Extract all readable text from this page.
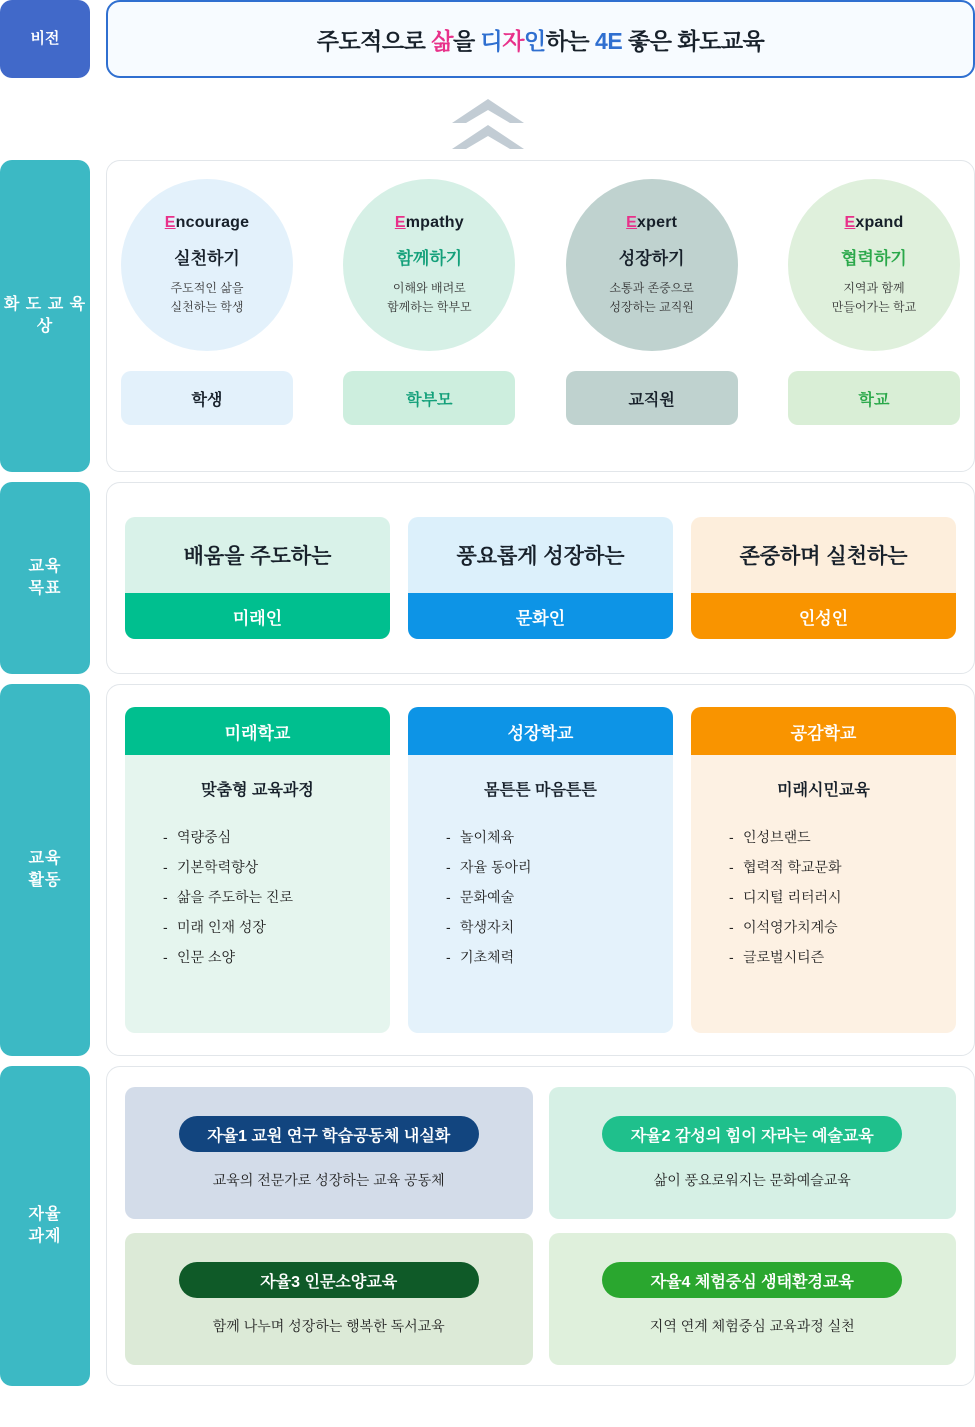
비전	주도적으로 삶을 디자인하는 4E 좋은 화도교육
화 도 교 육 상
Encourage
실천하기
주도적인 삶을
실천하는 학생
학생
Empathy
함께하기
이해와 배려로
함께하는 학부모
학부모
Expert
성장하기
소통과 존중으로
성장하는 교직원
교직원
Expand
협력하기
지역과 함께
만들어가는 학교
학교
교육
목표
배움을 주도하는
미래인
풍요롭게 성장하는
문화인
존중하며 실천하는
인성인
교육
활동
미래학교
맞춤형 교육과정
- 역량중심
- 기본학력향상
- 삶을 주도하는 진로
- 미래 인재 성장
- 인문 소양
성장학교
몸튼튼 마음튼튼
- 놀이체육
- 자율 동아리
- 문화예술
- 학생자치
- 기초체력
공감학교
미래시민교육
- 인성브랜드
- 협력적 학교문화
- 디지털 리터러시
- 이석영가치계승
- 글로벌시티즌
자율
과제
자율1 교원 연구 학습공동체 내실화
교육의 전문가로 성장하는 교육 공동체
자율2 감성의 힘이 자라는 예술교육
삶이 풍요로워지는 문화예슬교육
자율3 인문소양교육
함께 나누며 성장하는 행복한 독서교육
자율4 체험중심 생태환경교육
지역 연계 체험중심 교육과정 실천
